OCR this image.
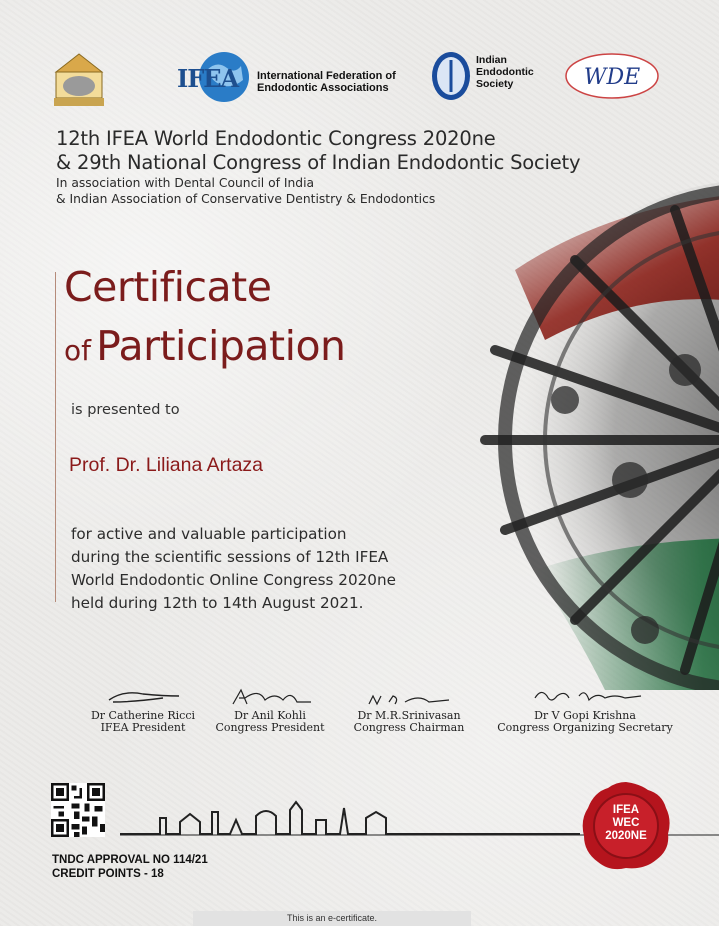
IFEA International Federation of
Endodontic Associations
Indian
Endodontic
Society	WDE
12th IFEA World Endodontic Congress 2020ne
& 29th National Congress of Indian Endodontic Society
In association with Dental Council of India
& Indian Association of Conservative Dentistry & Endodontics
Certificate
of Participation
is presented to
Prof. Dr. Liliana Artaza
for active and valuable participation
during the scientific sessions of 12th IFEA
World Endodontic Online Congress 2020ne
held during 12th to 14th August 2021.
Dr Catherine Ricci
IFEA President
Dr Anil Kohli
Congress President
Dr M.R.Srinivasan
Congress Chairman
Dr V Gopi Krishna
Congress Organizing Secretary
IFEA
WEC
2020NE
TNDC APPROVAL NO 114/21
CREDIT POINTS - 18
This is an e-certificate.
